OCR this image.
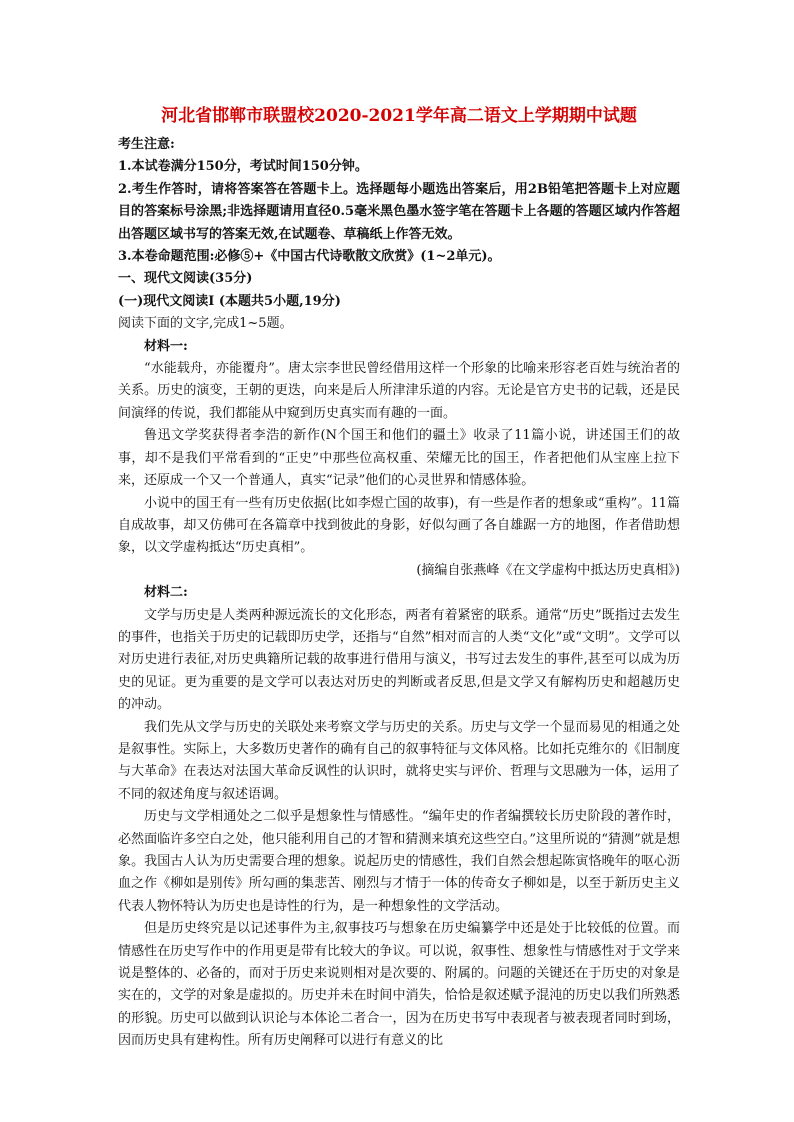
河北省邯郸市联盟校2020-2021学年高二语文上学期期中试题

考生注意:

1.本试卷满分150分，考试时间150分钟。

2.考生作答时，请将答案答在答题卡上。选择题每小题选出答案后，用2B铅笔把答题卡上对应题目的答案标号涂黑;非选择题请用直径0.5毫米黑色墨水签字笔在答题卡上各题的答题区域内作答超出答题区域书写的答案无效,在试题卷、草稿纸上作答无效。

3.本卷命题范围:必修⑤+《中国古代诗歌散文欣赏》(1~2单元)。

一、现代文阅读(35分)

(一)现代文阅读Ⅰ (本题共5小题,19分)

阅读下面的文字,完成1~5题。

材料一:

“水能载舟，亦能覆舟”。唐太宗李世民曾经借用这样一个形象的比喻来形容老百姓与统治者的关系。历史的演变，王朝的更迭，向来是后人所津津乐道的内容。无论是官方史书的记载，还是民间演绎的传说，我们都能从中窥到历史真实而有趣的一面。

鲁迅文学奖获得者李浩的新作(N个国王和他们的疆土》收录了11篇小说，讲述国王们的故事，却不是我们平常看到的“正史”中那些位高权重、荣耀无比的国王，作者把他们从宝座上拉下来，还原成一个又一个普通人，真实“记录”他们的心灵世界和情感体验。

小说中的国王有一些有历史依据(比如李煜亡国的故事)，有一些是作者的想象或“重构”。11篇自成故事，却又仿佛可在各篇章中找到彼此的身影，好似勾画了各自雄踞一方的地图，作者借助想象，以文学虚构抵达“历史真相”。

(摘编自张燕峰《在文学虚构中抵达历史真相》)

材料二:

文学与历史是人类两种源远流长的文化形态，两者有着紧密的联系。通常“历史”既指过去发生的事件，也指关于历史的记载即历史学，还指与“自然”相对而言的人类“文化”或“文明”。文学可以对历史进行表征,对历史典籍所记载的故事进行借用与演义，书写过去发生的事件,甚至可以成为历史的见证。更为重要的是文学可以表达对历史的判断或者反思,但是文学又有解构历史和超越历史的冲动。

我们先从文学与历史的关联处来考察文学与历史的关系。历史与文学一个显而易见的相通之处是叙事性。实际上，大多数历史著作的确有自己的叙事特征与文体风格。比如托克维尔的《旧制度与大革命》在表达对法国大革命反讽性的认识时，就将史实与评价、哲理与文思融为一体，运用了不同的叙述角度与叙述语调。

历史与文学相通处之二似乎是想象性与情感性。“编年史的作者编撰较长历史阶段的著作时，必然面临许多空白之处，他只能利用自己的才智和猜测来填充这些空白。”这里所说的“猜测”就是想象。我国古人认为历史需要合理的想象。说起历史的情感性，我们自然会想起陈寅恪晚年的呕心沥血之作《柳如是别传》所勾画的集悲苦、刚烈与才情于一体的传奇女子柳如是，以至于新历史主义代表人物怀特认为历史也是诗性的行为，是一种想象性的文学活动。

但是历史终究是以记述事件为主,叙事技巧与想象在历史编纂学中还是处于比较低的位置。而情感性在历史写作中的作用更是带有比较大的争议。可以说，叙事性、想象性与情感性对于文学来说是整体的、必备的，而对于历史来说则相对是次要的、附属的。问题的关键还在于历史的对象是实在的，文学的对象是虚拟的。历史并未在时间中消失，恰恰是叙述赋予混沌的历史以我们所熟悉的形貌。历史可以做到认识论与本体论二者合一，因为在历史书写中表现者与被表现者同时到场，因而历史具有建构性。所有历史阐释可以进行有意义的比
